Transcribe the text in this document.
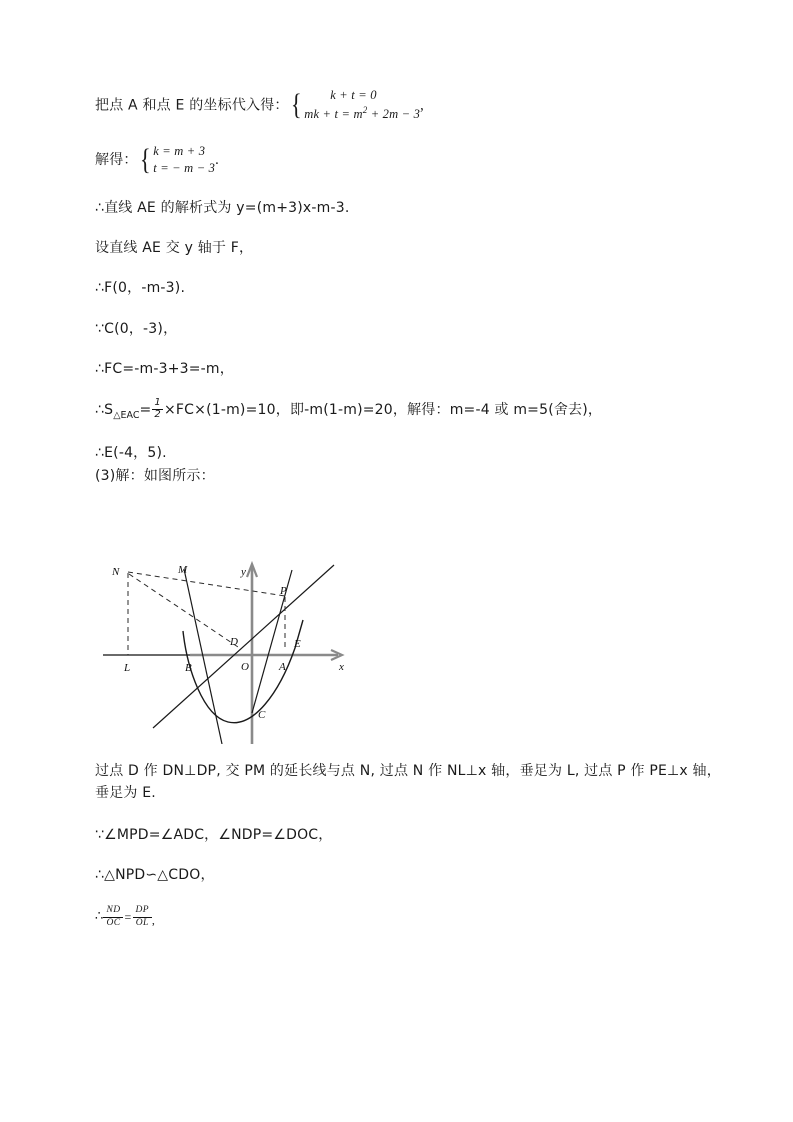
把点 A 和点 E 的坐标代入得： {	k + t = 0
mk + $t = m^2 + 2m - 3$
,
解得： { k = m + 3
t = − m − 3 .
∴直线 AE 的解析式为 y=(m+3)x-m-3.
设直线 AE 交 y 轴于 F，
∴F(0，-m-3).
∵C(0，-3)，
∴FC=-m-3+3=-m，
$\therefore S_{\triangle EAC}= \frac{1}{2} \times FC\times(1-m)=10$，即-m(1-m)=20，解得：m=-4 或 m=5(舍去)，
∴E(-4，5).
(3)解：如图所示：
N	M
P
D	E
L	B	A
C
O	x
y
过点 D 作 DN⊥DP, 交 PM 的延长线与点 N, 过点 N 作 NL⊥x 轴，垂足为 L, 过点 P 作 PE⊥x 轴，垂足为 E.
∵∠MPD=∠ADC，∠NDP=∠DOC，
∴△NPD∽△CDO，
∴ $\frac{ND}{OC} = \frac{DP}{OL}$ ,
